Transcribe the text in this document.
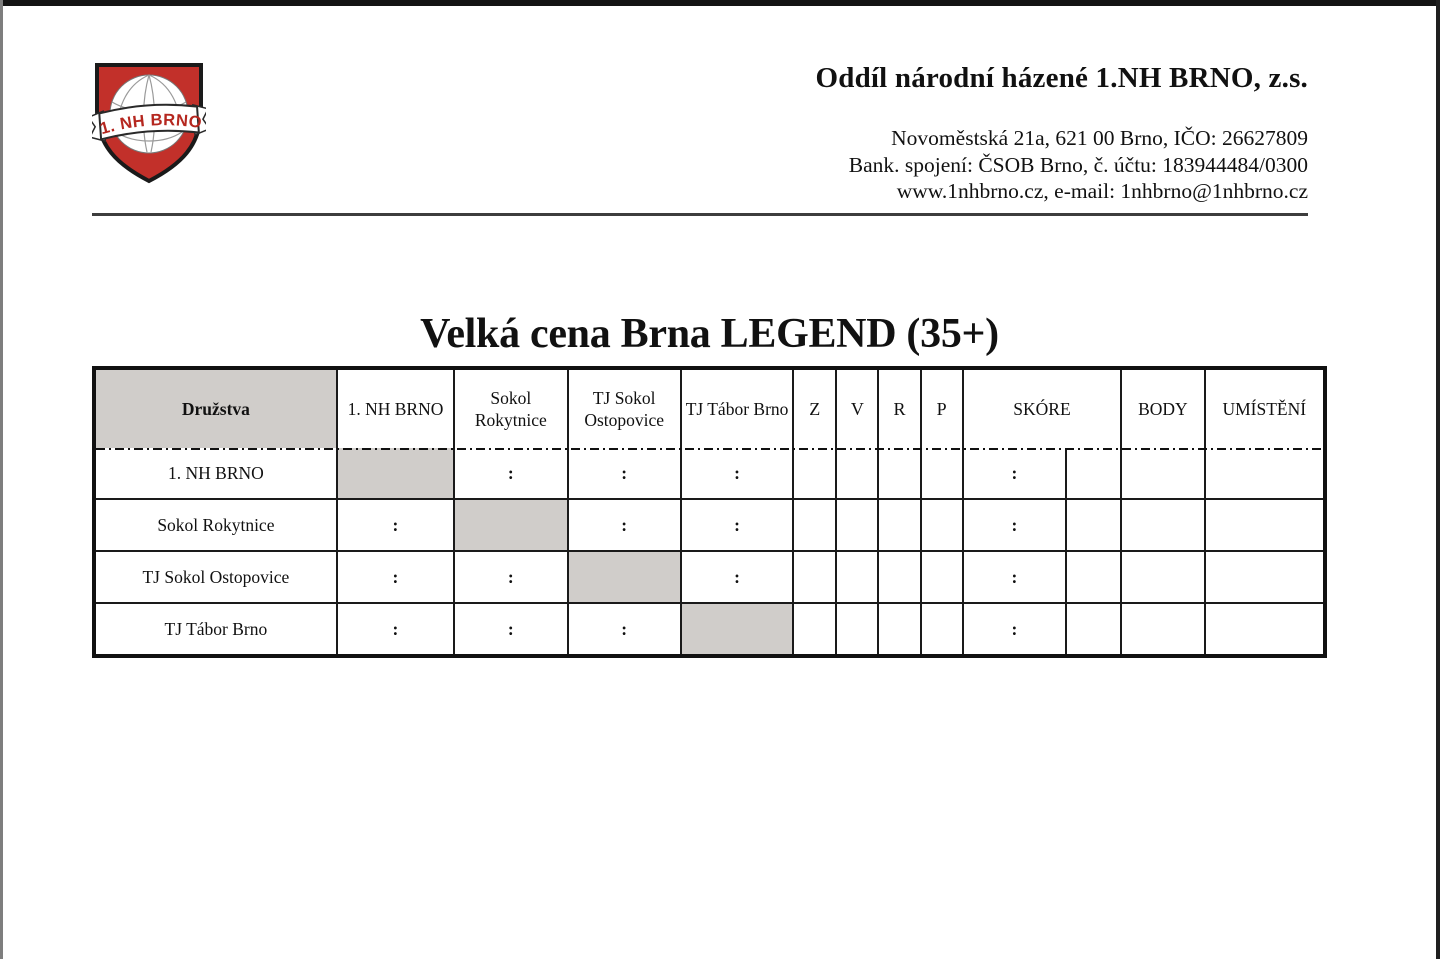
1. NH BRNO
Oddíl národní házené 1.NH BRNO, z.s.
Novoměstská 21a, 621 00 Brno, IČO: 26627809
Bank. spojení: ČSOB Brno, č. účtu: 183944484/0300
www.1nhbrno.cz, e-mail: 1nhbrno@1nhbrno.cz
Velká cena Brna LEGEND (35+)
Družstva	1. NH BRNO	Sokol Rokytnice	TJ Sokol Ostopovice	TJ Tábor Brno	Z	V	R	P	SKÓRE		BODY	UMÍSTĚNÍ
1. NH BRNO		:	:	:					:			
Sokol Rokytnice	:		:	:					:			
TJ Sokol Ostopovice	:	:		:					:			
TJ Tábor Brno	:	:	:						:			
